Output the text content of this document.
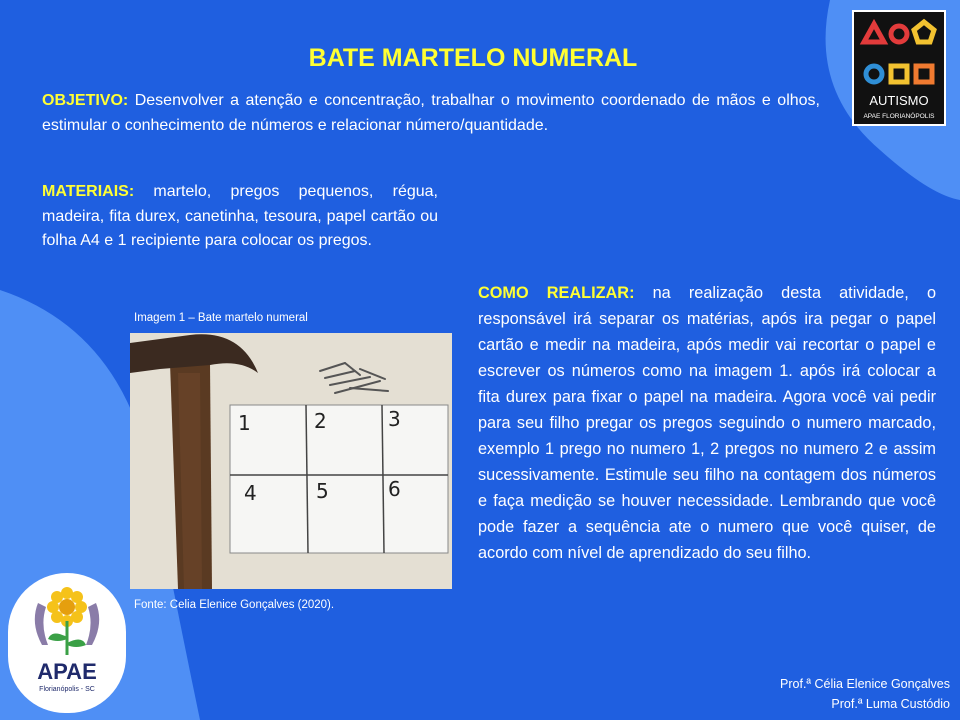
BATE MARTELO NUMERAL
OBJETIVO: Desenvolver a atenção e concentração, trabalhar o movimento coordenado de mãos e olhos, estimular o conhecimento de números e relacionar número/quantidade.
MATERIAIS: martelo, pregos pequenos, régua, madeira, fita durex, canetinha, tesoura, papel cartão ou folha A4 e 1 recipiente para colocar os pregos.
Imagem 1 – Bate martelo numeral
1	2	3
4	5	6
Fonte: Celia Elenice Gonçalves (2020).
COMO REALIZAR: na realização desta atividade, o responsável irá separar os matérias, após ira pegar o papel cartão e medir na madeira, após medir vai recortar o papel e escrever os números como na imagem 1. após irá colocar a fita durex para fixar o papel na madeira. Agora você vai pedir para seu filho pregar os pregos seguindo o numero marcado, exemplo 1 prego no numero 1, 2 pregos no numero 2 e assim sucessivamente. Estimule seu filho na contagem dos números e faça medição se houver necessidade. Lembrando que você pode fazer a sequência ate o numero que você quiser, de acordo com nível de aprendizado do seu filho.
AUTISMO
APAE FLORIANÓPOLIS
APAE
Florianópolis - SC	Prof.ª Célia Elenice Gonçalves
Prof.ª Luma Custódio
